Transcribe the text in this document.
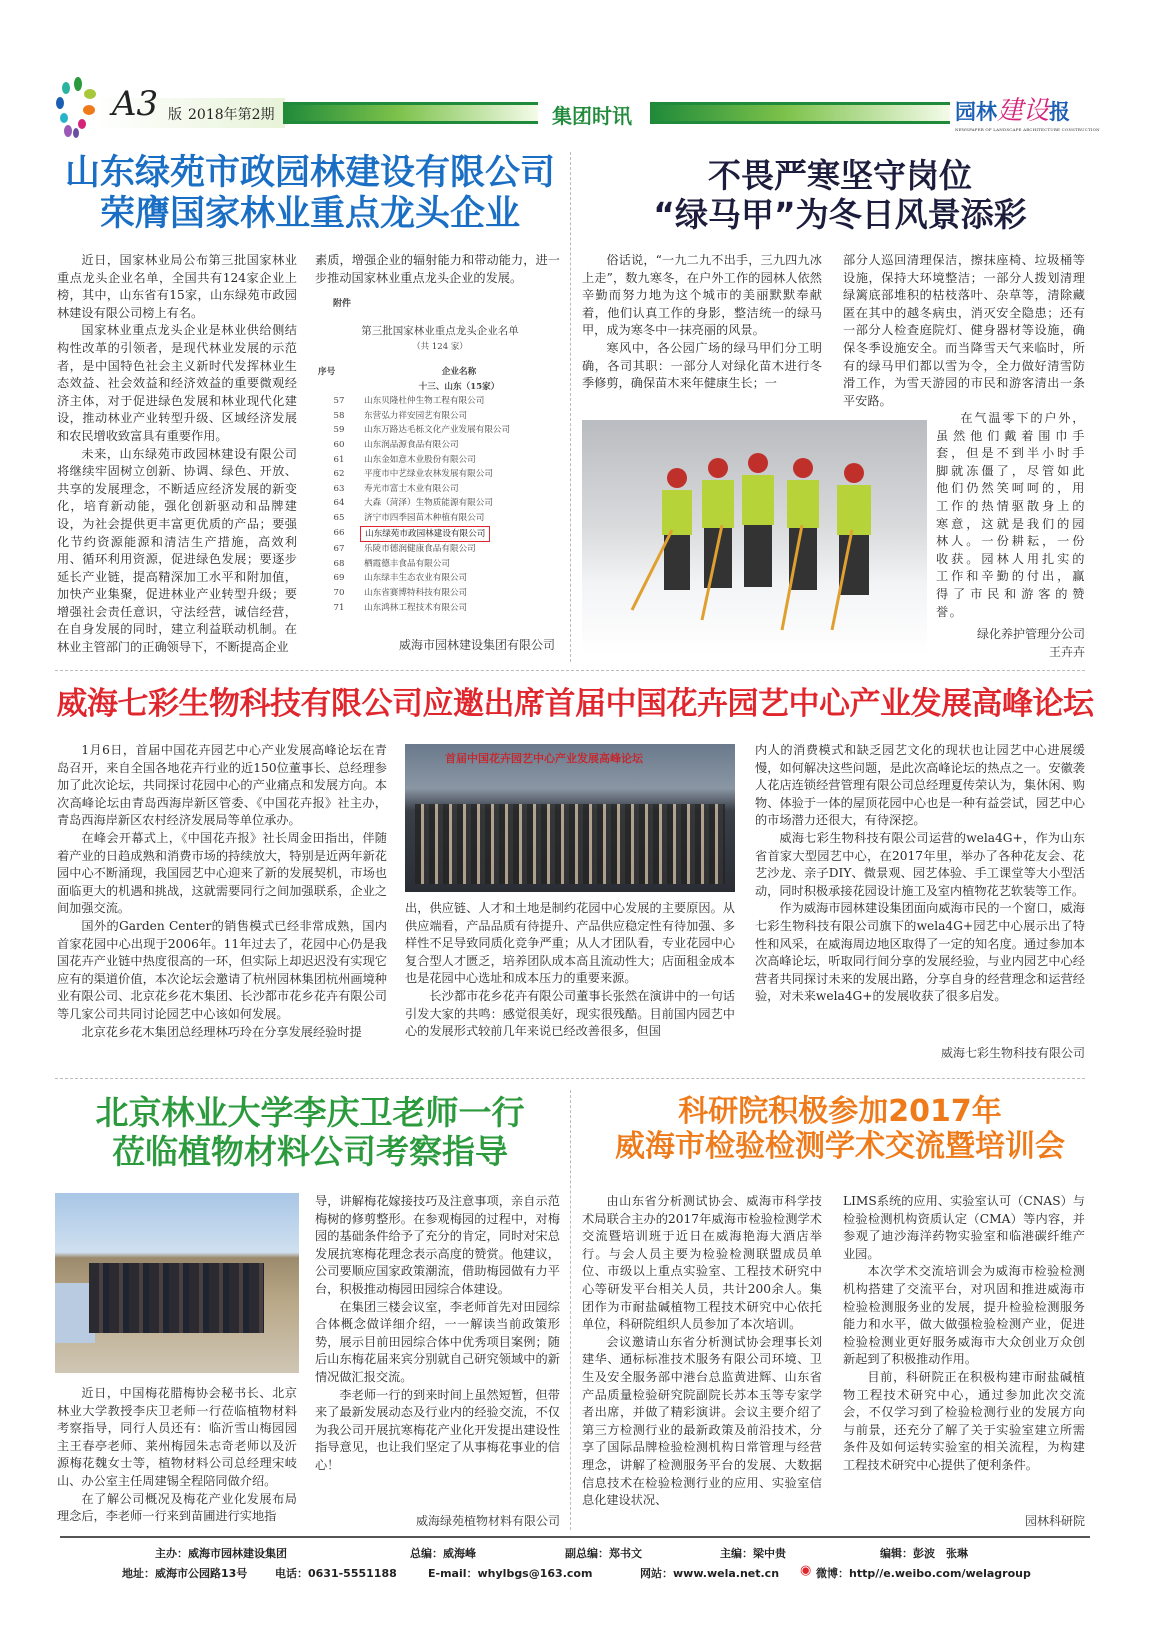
A3 版 2018年第2期	集团时讯	园林建设报
NEWSPAPER OF LANDSCAPE ARCHITECTURE CONSTRUCTION
山东绿苑市政园林建设有限公司
荣膺国家林业重点龙头企业

近日，国家林业局公布第三批国家林业重点龙头企业名单，全国共有124家企业上榜，其中，山东省有15家，山东绿苑市政园林建设有限公司榜上有名。

国家林业重点龙头企业是林业供给侧结构性改革的引领者，是现代林业发展的示范者，是中国特色社会主义新时代发挥林业生态效益、社会效益和经济效益的重要微观经济主体，对于促进绿色发展和林业现代化建设，推动林业产业转型升级、区域经济发展和农民增收致富具有重要作用。

未来，山东绿苑市政园林建设有限公司将继续牢固树立创新、协调、绿色、开放、共享的发展理念，不断适应经济发展的新变化，培育新动能，强化创新驱动和品牌建设，为社会提供更丰富更优质的产品；要强化节约资源能源和清洁生产措施，高效利用、循环利用资源，促进绿色发展；要逐步延长产业链，提高精深加工水平和附加值，加快产业集聚，促进林业产业转型升级；要增强社会责任意识，守法经营，诚信经营，在自身发展的同时，建立利益联动机制。在林业主管部门的正确领导下，不断提高企业

素质，增强企业的辐射能力和带动能力，进一步推动国家林业重点龙头企业的发展。

附件
第三批国家林业重点龙头企业名单
（共 124 家）
序号	企业名称
十三、山东（15家）
57	山东贝隆杜仲生物工程有限公司
58	东营弘力祥安园艺有限公司
59	山东万路达毛栎文化产业发展有限公司
60	山东润品源食品有限公司
61	山东金如意木业股份有限公司
62	平度市中艺绿业农林发展有限公司
63	寿光市富士木业有限公司
64	大森（菏泽）生物质能源有限公司
65	济宁市四季园苗木种植有限公司
66	山东绿苑市政园林建设有限公司
67	乐陵市德润健康食品有限公司
68	栖霞德丰食品有限公司
69	山东绿丰生态农业有限公司
70	山东省赛博特科技有限公司
71	山东鸿林工程技术有限公司
威海市园林建设集团有限公司
不畏严寒坚守岗位
“绿马甲”为冬日风景添彩

俗话说，“一九二九不出手，三九四九冰上走”，数九寒冬，在户外工作的园林人依然辛勤而努力地为这个城市的美丽默默奉献着，他们认真工作的身影，整洁统一的绿马甲，成为寒冬中一抹亮丽的风景。

寒风中，各公园广场的绿马甲们分工明确，各司其职：一部分人对绿化苗木进行冬季修剪，确保苗木来年健康生长；一

部分人巡回清理保洁，擦抹座椅、垃圾桶等设施，保持大环境整洁；一部分人拨划清理绿篱底部堆积的枯枝落叶、杂草等，清除藏匿在其中的越冬病虫，消灭安全隐患；还有一部分人检查庭院灯、健身器材等设施，确保冬季设施安全。而当降雪天气来临时，所有的绿马甲们都以雪为令，全力做好清雪防滑工作，为雪天游园的市民和游客清出一条平安路。

在气温零下的户外，虽然他们戴着围巾手套，但是不到半小时手脚就冻僵了，尽管如此他们仍然笑呵呵的，用工作的热情驱散身上的寒意，这就是我们的园林人。一份耕耘，一份收获。园林人用扎实的工作和辛勤的付出，赢得了市民和游客的赞誉。

绿化养护管理分公司
王卉卉
威海七彩生物科技有限公司应邀出席首届中国花卉园艺中心产业发展高峰论坛

1月6日，首届中国花卉园艺中心产业发展高峰论坛在青岛召开，来自全国各地花卉行业的近150位董事长、总经理参加了此次论坛，共同探讨花园中心的产业痛点和发展方向。本次高峰论坛由青岛西海岸新区管委、《中国花卉报》社主办，青岛西海岸新区农村经济发展局等单位承办。

在峰会开幕式上，《中国花卉报》社长周金田指出，伴随着产业的日趋成熟和消费市场的持续放大，特别是近两年新花园中心不断涌现，我国园艺中心迎来了新的发展契机，市场也面临更大的机遇和挑战，这就需要同行之间加强联系，企业之间加强交流。

国外的Garden Center的销售模式已经非常成熟，国内首家花园中心出现于2006年。11年过去了，花园中心仍是我国花卉产业链中热度很高的一环，但实际上却迟迟没有实现它应有的渠道价值，本次论坛会邀请了杭州园林集团杭州画境种业有限公司、北京花乡花木集团、长沙都市花乡花卉有限公司等几家公司共同讨论园艺中心该如何发展。

北京花乡花木集团总经理林巧玲在分享发展经验时提

首届中国花卉园艺中心产业发展高峰论坛

出，供应链、人才和土地是制约花园中心发展的主要原因。从供应端看，产品品质有待提升、产品供应稳定性有待加强、多样性不足导致同质化竞争严重；从人才团队看，专业花园中心复合型人才匮乏，培养团队成本高且流动性大；店面租金成本也是花园中心选址和成本压力的重要来源。

长沙都市花乡花卉有限公司董事长张然在演讲中的一句话引发大家的共鸣：感觉很美好，现实很残酷。目前国内园艺中心的发展形式较前几年来说已经改善很多，但国

内人的消费模式和缺乏园艺文化的现状也让园艺中心进展缓慢，如何解决这些问题，是此次高峰论坛的热点之一。安徽袭人花店连锁经营管理有限公司总经理夏传荣认为，集休闲、购物、体验于一体的屋顶花园中心也是一种有益尝试，园艺中心的市场潜力还很大，有待深挖。

威海七彩生物科技有限公司运营的wela4G+，作为山东省首家大型园艺中心，在2017年里，举办了各种花友会、花艺沙龙、亲子DIY、微景观、园艺体验、手工课堂等大小型活动，同时积极承接花园设计施工及室内植物花艺软装等工作。

作为威海市园林建设集团面向威海市民的一个窗口，威海七彩生物科技有限公司旗下的wela4G+园艺中心展示出了特性和风采，在威海周边地区取得了一定的知名度。通过参加本次高峰论坛，听取同行间分享的发展经验，与业内园艺中心经营者共同探讨未来的发展出路，分享自身的经营理念和运营经验，对未来wela4G+的发展收获了很多启发。

威海七彩生物科技有限公司
北京林业大学李庆卫老师一行
莅临植物材料公司考察指导

近日，中国梅花腊梅协会秘书长、北京林业大学教授李庆卫老师一行莅临植物材料考察指导，同行人员还有：临沂雪山梅园园主王春亭老师、莱州梅园朱志奇老师以及沂源梅花魏女士等，植物材料公司总经理宋岐山、办公室主任周建锡全程陪同做介绍。

在了解公司概况及梅花产业化发展布局理念后，李老师一行来到苗圃进行实地指

导，讲解梅花嫁接技巧及注意事项，亲自示范梅树的修剪整形。在参观梅园的过程中，对梅园的基础条件给予了充分的肯定，同时对宋总发展抗寒梅花理念表示高度的赞赏。他建议，公司要顺应国家政策潮流，借助梅园做有力平台，积极推动梅园田园综合体建设。

在集团三楼会议室，李老师首先对田园综合体概念做详细介绍，一一解读当前政策形势，展示目前田园综合体中优秀项目案例；随后山东梅花届来宾分别就自己研究领域中的新情况做汇报交流。

李老师一行的到来时间上虽然短暂，但带来了最新发展动态及行业内的经验交流，不仅为我公司开展抗寒梅花产业化开发提出建设性指导意见，也让我们坚定了从事梅花事业的信心！

威海绿苑植物材料有限公司
科研院积极参加2017年
威海市检验检测学术交流暨培训会

由山东省分析测试协会、威海市科学技术局联合主办的2017年威海市检验检测学术交流暨培训班于近日在威海艳海大酒店举行。与会人员主要为检验检测联盟成员单位、市级以上重点实验室、工程技术研究中心等研发平台相关人员，共计200余人。集团作为市耐盐碱植物工程技术研究中心依托单位，科研院组织人员参加了本次培训。

会议邀请山东省分析测试协会理事长刘建华、通标标准技术服务有限公司环境、卫生及安全服务部中港台总监黄进辉、山东省产品质量检验研究院副院长苏本玉等专家学者出席，并做了精彩演讲。会议主要介绍了第三方检测行业的最新政策及前沿技术，分享了国际品牌检验检测机构日常管理与经营理念，讲解了检测服务平台的发展、大数据信息技术在检验检测行业的应用、实验室信息化建设状况、

LIMS系统的应用、实验室认可（CNAS）与检验检测机构资质认定（CMA）等内容，并参观了迪沙海洋药物实验室和临港碳纤维产业园。

本次学术交流培训会为威海市检验检测机构搭建了交流平台，对巩固和推进威海市检验检测服务业的发展，提升检验检测服务能力和水平，做大做强检验检测产业，促进检验检测业更好服务威海市大众创业万众创新起到了积极推动作用。

目前，科研院正在积极构建市耐盐碱植物工程技术研究中心，通过参加此次交流会，不仅学习到了检验检测行业的发展方向与前景，还充分了解了关于实验室建立所需条件及如何运转实验室的相关流程，为构建工程技术研究中心提供了便利条件。

园林科研院
主办：威海市园林建设集团	总编：威海峰	副总编：郑书文	主编：梁中贵	编辑：彭波　张琳
地址：威海市公园路13号	电话：0631-5551188	E-mail：whylbgs@163.com	网站：www.wela.net.cn ◉ 微博：http//e.weibo.com/welagroup
